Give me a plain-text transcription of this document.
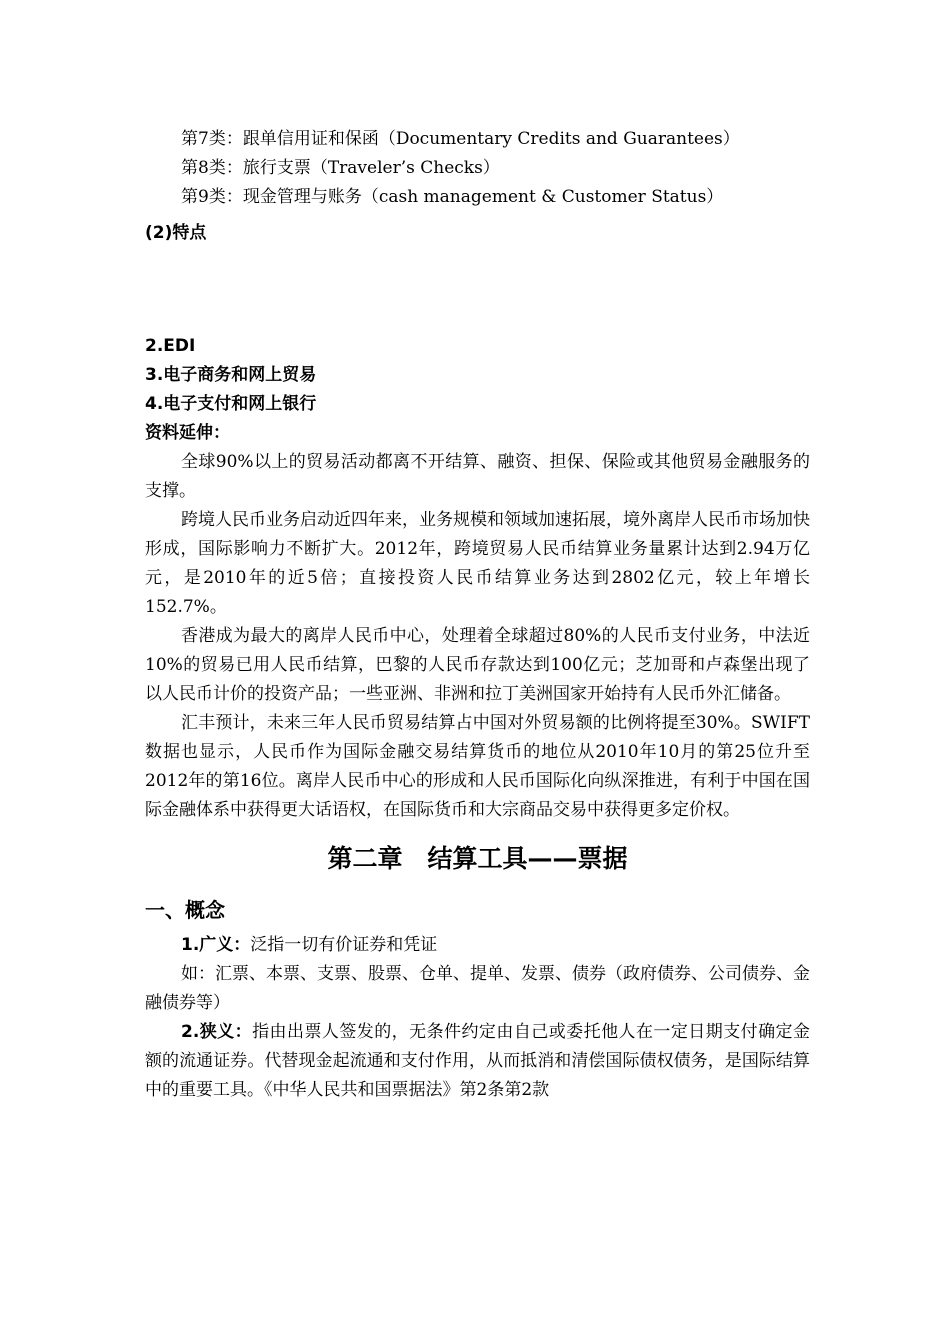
第7类：跟单信用证和保函（Documentary Credits and Guarantees）

第8类：旅行支票（Traveler’s Checks）

第9类：现金管理与账务（cash management & Customer Status）

(2)特点

2.EDI

3.电子商务和网上贸易

4.电子支付和网上银行

资料延伸：

全球90%以上的贸易活动都离不开结算、融资、担保、保险或其他贸易金融服务的支撑。

跨境人民币业务启动近四年来，业务规模和领域加速拓展，境外离岸人民币市场加快形成，国际影响力不断扩大。2012年，跨境贸易人民币结算业务量累计达到2.94万亿元，是2010年的近5倍；直接投资人民币结算业务达到2802亿元，较上年增长152.7%。

香港成为最大的离岸人民币中心，处理着全球超过80%的人民币支付业务，中法近10%的贸易已用人民币结算，巴黎的人民币存款达到100亿元；芝加哥和卢森堡出现了以人民币计价的投资产品；一些亚洲、非洲和拉丁美洲国家开始持有人民币外汇储备。

汇丰预计，未来三年人民币贸易结算占中国对外贸易额的比例将提至30%。SWIFT数据也显示，人民币作为国际金融交易结算货币的地位从2010年10月的第25位升至2012年的第16位。离岸人民币中心的形成和人民币国际化向纵深推进，有利于中国在国际金融体系中获得更大话语权，在国际货币和大宗商品交易中获得更多定价权。

第二章　结算工具——票据
一、概念

1.广义：泛指一切有价证券和凭证

如：汇票、本票、支票、股票、仓单、提单、发票、债券（政府债券、公司债券、金融债券等）

2.狭义：指由出票人签发的，无条件约定由自己或委托他人在一定日期支付确定金额的流通证券。代替现金起流通和支付作用，从而抵消和清偿国际债权债务，是国际结算中的重要工具。《中华人民共和国票据法》第2条第2款
